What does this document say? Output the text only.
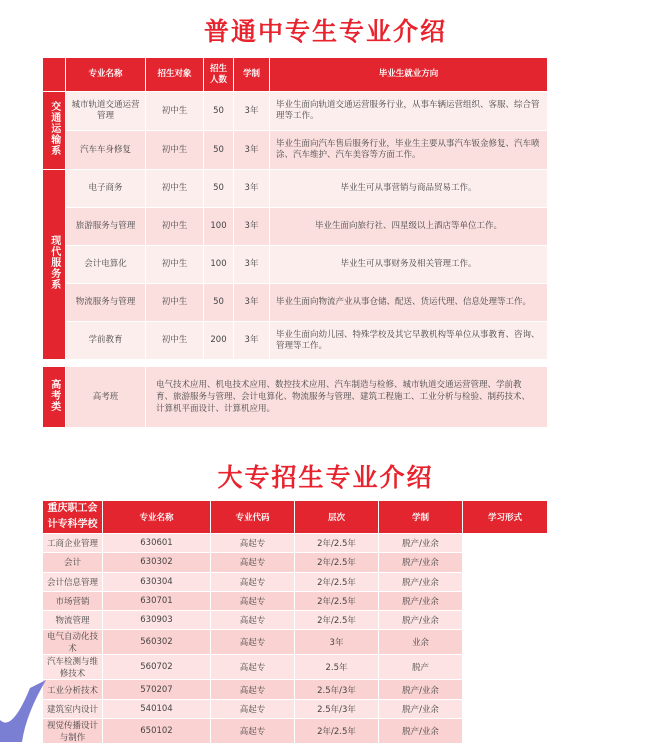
普通中专生专业介绍
	专业名称	招生对象	招生人数	学制	毕业生就业方向
交通运输系	城市轨道交通运营管理	初中生	50	3年	毕业生面向轨道交通运营服务行业，从事车辆运营组织、客服、综合管理等工作。
	汽车车身修复	初中生	50	3年	毕业生面向汽车售后服务行业，毕业生主要从事汽车钣金修复、汽车喷涂、汽车维护、汽车美容等方面工作。
现代服务系	电子商务	初中生	50	3年	毕业生可从事营销与商品贸易工作。
	旅游服务与管理	初中生	100	3年	毕业生面向旅行社、四星级以上酒店等单位工作。
	会计电算化	初中生	100	3年	毕业生可从事财务及相关管理工作。
	物流服务与管理	初中生	50	3年	毕业生面向物流产业从事仓储、配送、货运代理、信息处理等工作。
	学前教育	初中生	200	3年	毕业生面向幼儿园、特殊学校及其它早教机构等单位从事教育、咨询、管理等工作。

高考类	高考班	电气技术应用、机电技术应用、数控技术应用、汽车制造与检修、城市轨道交通运营管理、学前教育、旅游服务与管理、会计电算化、物流服务与管理、建筑工程施工、工业分析与检验、制药技术、计算机平面设计、计算机应用。			
大专招生专业介绍
重庆职工会计专科学校	专业名称	专业代码	层次	学制	学习形式
工商企业管理	630601	高起专	2年/2.5年	脱产/业余	
会计	630302	高起专	2年/2.5年	脱产/业余	
会计信息管理	630304	高起专	2年/2.5年	脱产/业余	
市场营销	630701	高起专	2年/2.5年	脱产/业余	
物流管理	630903	高起专	2年/2.5年	脱产/业余	
电气自动化技术	560302	高起专	3年	业余	
汽车检测与维修技术	560702	高起专	2.5年	脱产	
工业分析技术	570207	高起专	2.5年/3年	脱产/业余	
建筑室内设计	540104	高起专	2.5年/3年	脱产/业余	
视觉传播设计与制作	650102	高起专	2年/2.5年	脱产/业余	
